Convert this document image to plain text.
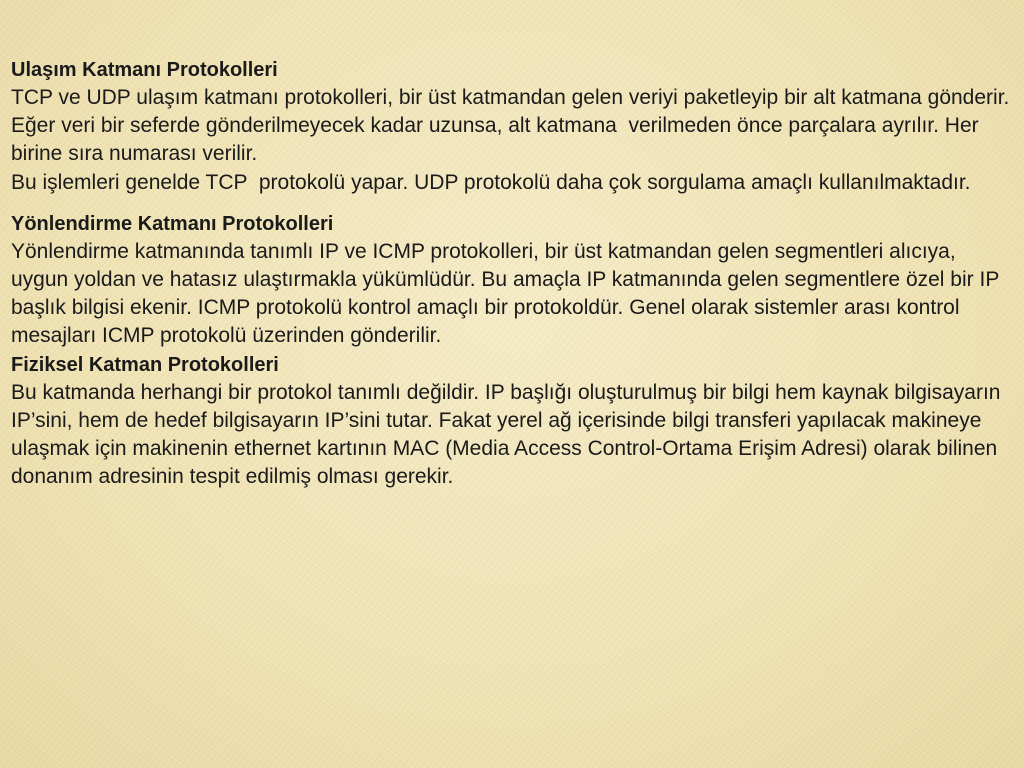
Ulaşım Katmanı Protokolleri

TCP ve UDP ulaşım katmanı protokolleri, bir üst katmandan gelen veriyi paketleyip bir alt katmana gönderir. Eğer veri bir seferde gönderilmeyecek kadar uzunsa, alt katmana  verilmeden önce parçalara ayrılır. Her birine sıra numarası verilir.

Bu işlemleri genelde TCP  protokolü yapar. UDP protokolü daha çok sorgulama amaçlı kullanılmaktadır.

Yönlendirme Katmanı Protokolleri

Yönlendirme katmanında tanımlı IP ve ICMP protokolleri, bir üst katmandan gelen segmentleri alıcıya, uygun yoldan ve hatasız ulaştırmakla yükümlüdür. Bu amaçla IP katmanında gelen segmentlere özel bir IP başlık bilgisi ekenir. ICMP protokolü kontrol amaçlı bir protokoldür. Genel olarak sistemler arası kontrol mesajları ICMP protokolü üzerinden gönderilir.

Fiziksel Katman Protokolleri

Bu katmanda herhangi bir protokol tanımlı değildir. IP başlığı oluşturulmuş bir bilgi hem kaynak bilgisayarın IP’sini, hem de hedef bilgisayarın IP’sini tutar. Fakat yerel ağ içerisinde bilgi transferi yapılacak makineye ulaşmak için makinenin ethernet kartının MAC (Media Access Control-Ortama Erişim Adresi) olarak bilinen donanım adresinin tespit edilmiş olması gerekir.
